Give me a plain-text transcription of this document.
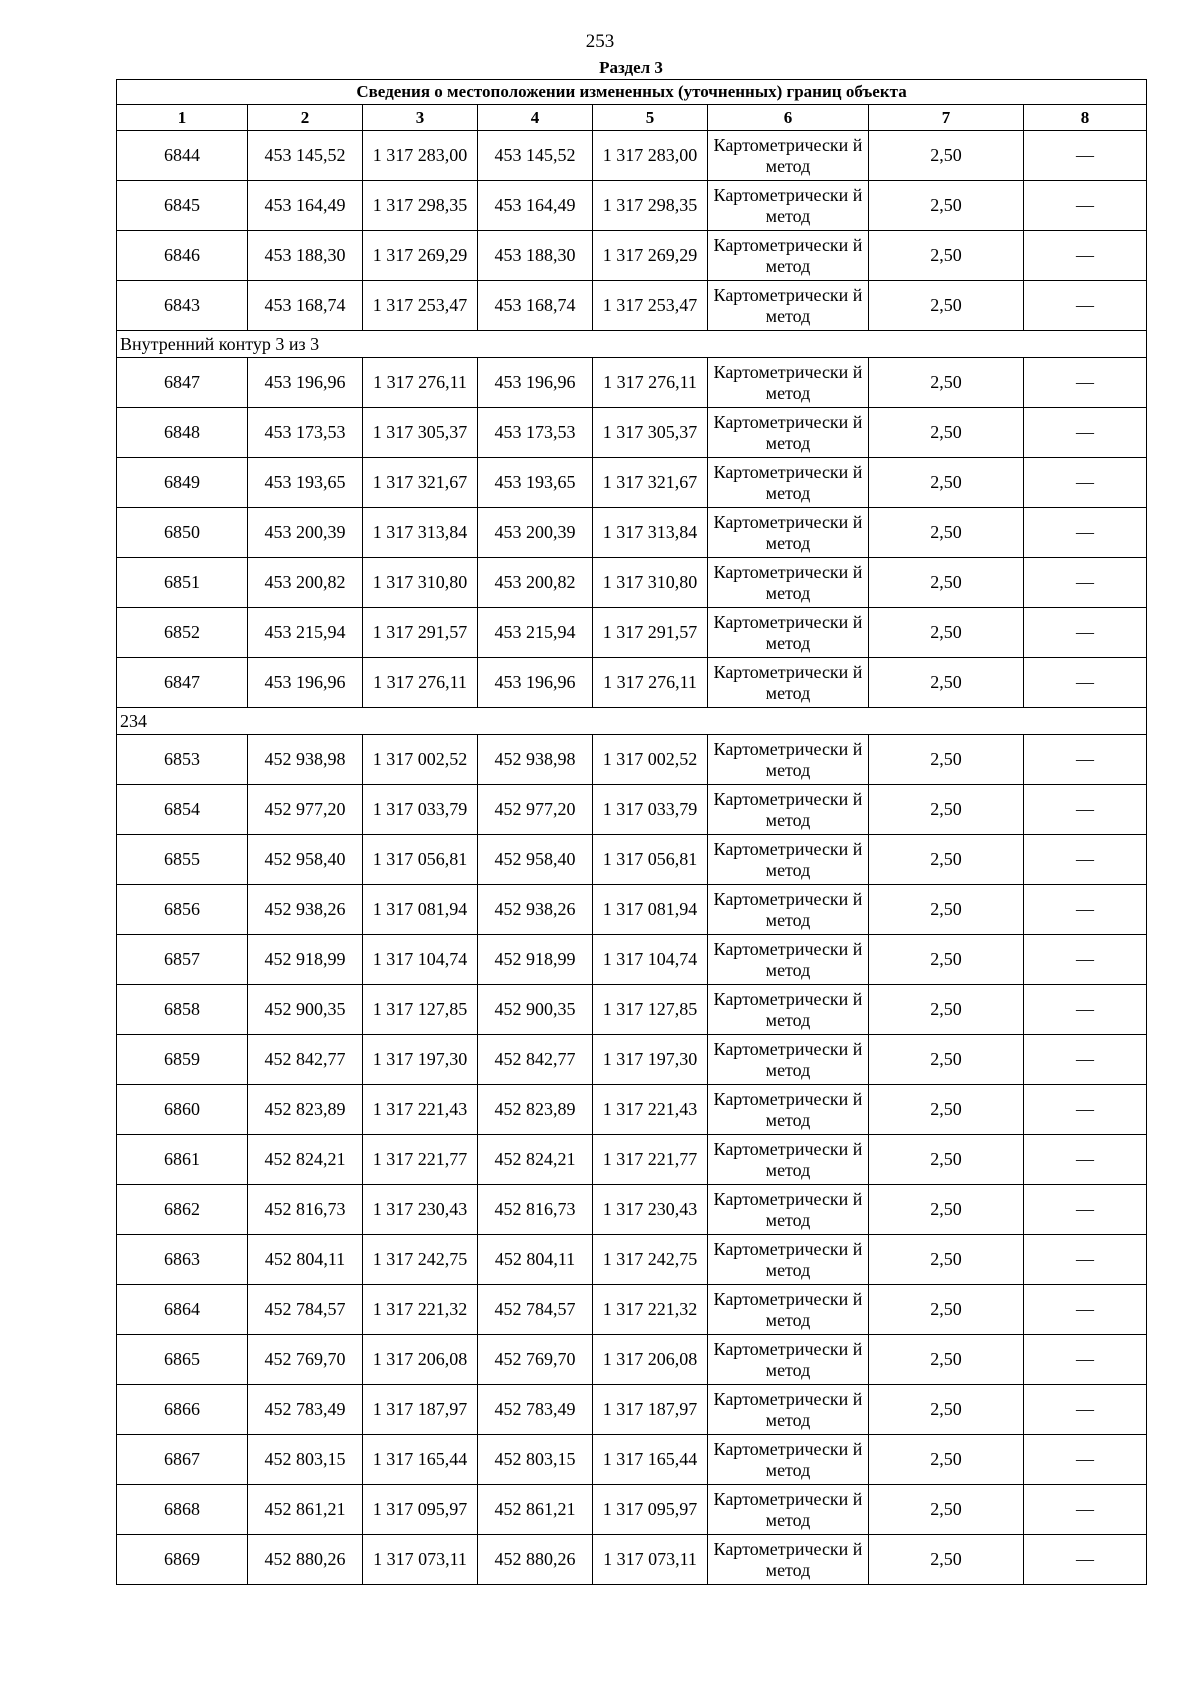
253
Раздел 3
Сведения о местоположении измененных (уточненных) границ объекта							
1	2	3	4	5	6	7	8
6844	453 145,52	1 317 283,00	453 145,52	1 317 283,00	Картометрически й метод	2,50	—
6845	453 164,49	1 317 298,35	453 164,49	1 317 298,35	Картометрически й метод	2,50	—
6846	453 188,30	1 317 269,29	453 188,30	1 317 269,29	Картометрически й метод	2,50	—
6843	453 168,74	1 317 253,47	453 168,74	1 317 253,47	Картометрически й метод	2,50	—
Внутренний контур 3 из 3							
6847	453 196,96	1 317 276,11	453 196,96	1 317 276,11	Картометрически й метод	2,50	—
6848	453 173,53	1 317 305,37	453 173,53	1 317 305,37	Картометрически й метод	2,50	—
6849	453 193,65	1 317 321,67	453 193,65	1 317 321,67	Картометрически й метод	2,50	—
6850	453 200,39	1 317 313,84	453 200,39	1 317 313,84	Картометрически й метод	2,50	—
6851	453 200,82	1 317 310,80	453 200,82	1 317 310,80	Картометрически й метод	2,50	—
6852	453 215,94	1 317 291,57	453 215,94	1 317 291,57	Картометрически й метод	2,50	—
6847	453 196,96	1 317 276,11	453 196,96	1 317 276,11	Картометрически й метод	2,50	—
234							
6853	452 938,98	1 317 002,52	452 938,98	1 317 002,52	Картометрически й метод	2,50	—
6854	452 977,20	1 317 033,79	452 977,20	1 317 033,79	Картометрически й метод	2,50	—
6855	452 958,40	1 317 056,81	452 958,40	1 317 056,81	Картометрически й метод	2,50	—
6856	452 938,26	1 317 081,94	452 938,26	1 317 081,94	Картометрически й метод	2,50	—
6857	452 918,99	1 317 104,74	452 918,99	1 317 104,74	Картометрически й метод	2,50	—
6858	452 900,35	1 317 127,85	452 900,35	1 317 127,85	Картометрически й метод	2,50	—
6859	452 842,77	1 317 197,30	452 842,77	1 317 197,30	Картометрически й метод	2,50	—
6860	452 823,89	1 317 221,43	452 823,89	1 317 221,43	Картометрически й метод	2,50	—
6861	452 824,21	1 317 221,77	452 824,21	1 317 221,77	Картометрически й метод	2,50	—
6862	452 816,73	1 317 230,43	452 816,73	1 317 230,43	Картометрически й метод	2,50	—
6863	452 804,11	1 317 242,75	452 804,11	1 317 242,75	Картометрически й метод	2,50	—
6864	452 784,57	1 317 221,32	452 784,57	1 317 221,32	Картометрически й метод	2,50	—
6865	452 769,70	1 317 206,08	452 769,70	1 317 206,08	Картометрически й метод	2,50	—
6866	452 783,49	1 317 187,97	452 783,49	1 317 187,97	Картометрически й метод	2,50	—
6867	452 803,15	1 317 165,44	452 803,15	1 317 165,44	Картометрически й метод	2,50	—
6868	452 861,21	1 317 095,97	452 861,21	1 317 095,97	Картометрически й метод	2,50	—
6869	452 880,26	1 317 073,11	452 880,26	1 317 073,11	Картометрически й метод	2,50	—
